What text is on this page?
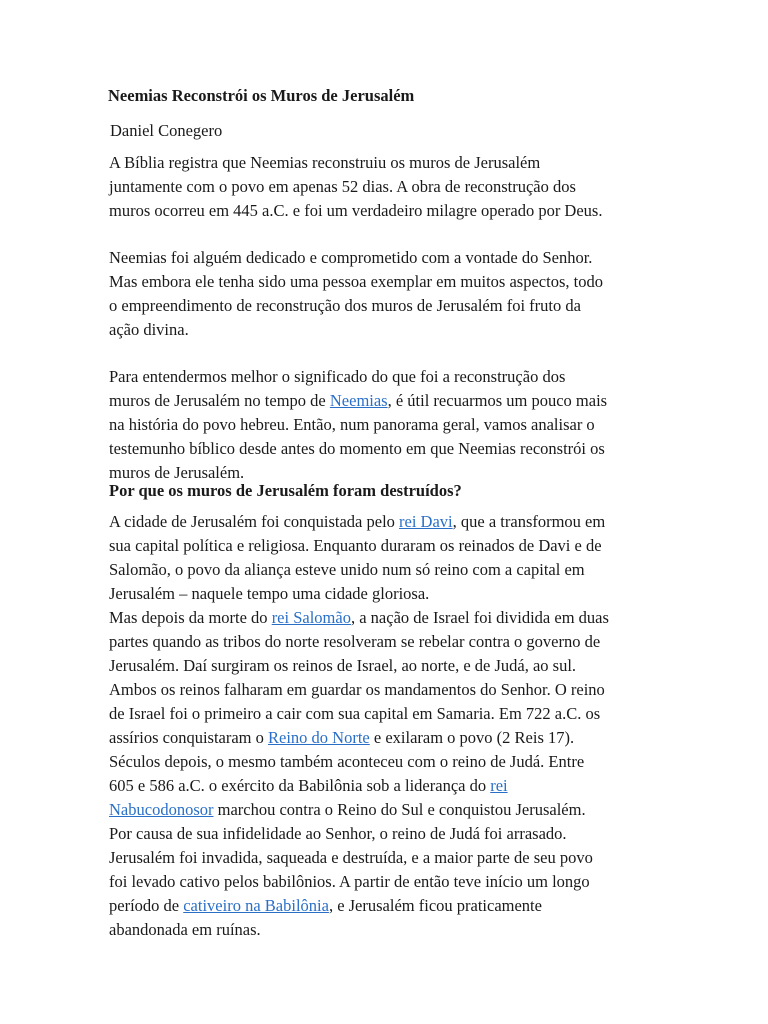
Neemias Reconstrói os Muros de Jerusalém

Daniel Conegero

A Bíblia registra que Neemias reconstruiu os muros de Jerusalém
juntamente com o povo em apenas 52 dias. A obra de reconstrução dos
muros ocorreu em 445 a.C. e foi um verdadeiro milagre operado por Deus.

Neemias foi alguém dedicado e comprometido com a vontade do Senhor.
Mas embora ele tenha sido uma pessoa exemplar em muitos aspectos, todo
o empreendimento de reconstrução dos muros de Jerusalém foi fruto da
ação divina.

Para entendermos melhor o significado do que foi a reconstrução dos
muros de Jerusalém no tempo de Neemias, é útil recuarmos um pouco mais
na história do povo hebreu. Então, num panorama geral, vamos analisar o
testemunho bíblico desde antes do momento em que Neemias reconstrói os
muros de Jerusalém.

Por que os muros de Jerusalém foram destruídos?

A cidade de Jerusalém foi conquistada pelo rei Davi, que a transformou em
sua capital política e religiosa. Enquanto duraram os reinados de Davi e de
Salomão, o povo da aliança esteve unido num só reino com a capital em
Jerusalém – naquele tempo uma cidade gloriosa.
Mas depois da morte do rei Salomão, a nação de Israel foi dividida em duas
partes quando as tribos do norte resolveram se rebelar contra o governo de
Jerusalém. Daí surgiram os reinos de Israel, ao norte, e de Judá, ao sul.
Ambos os reinos falharam em guardar os mandamentos do Senhor. O reino
de Israel foi o primeiro a cair com sua capital em Samaria. Em 722 a.C. os
assírios conquistaram o Reino do Norte e exilaram o povo (2 Reis 17).
Séculos depois, o mesmo também aconteceu com o reino de Judá. Entre
605 e 586 a.C. o exército da Babilônia sob a liderança do rei
Nabucodonosor marchou contra o Reino do Sul e conquistou Jerusalém.
Por causa de sua infidelidade ao Senhor, o reino de Judá foi arrasado.
Jerusalém foi invadida, saqueada e destruída, e a maior parte de seu povo
foi levado cativo pelos babilônios. A partir de então teve início um longo
período de cativeiro na Babilônia, e Jerusalém ficou praticamente
abandonada em ruínas.
